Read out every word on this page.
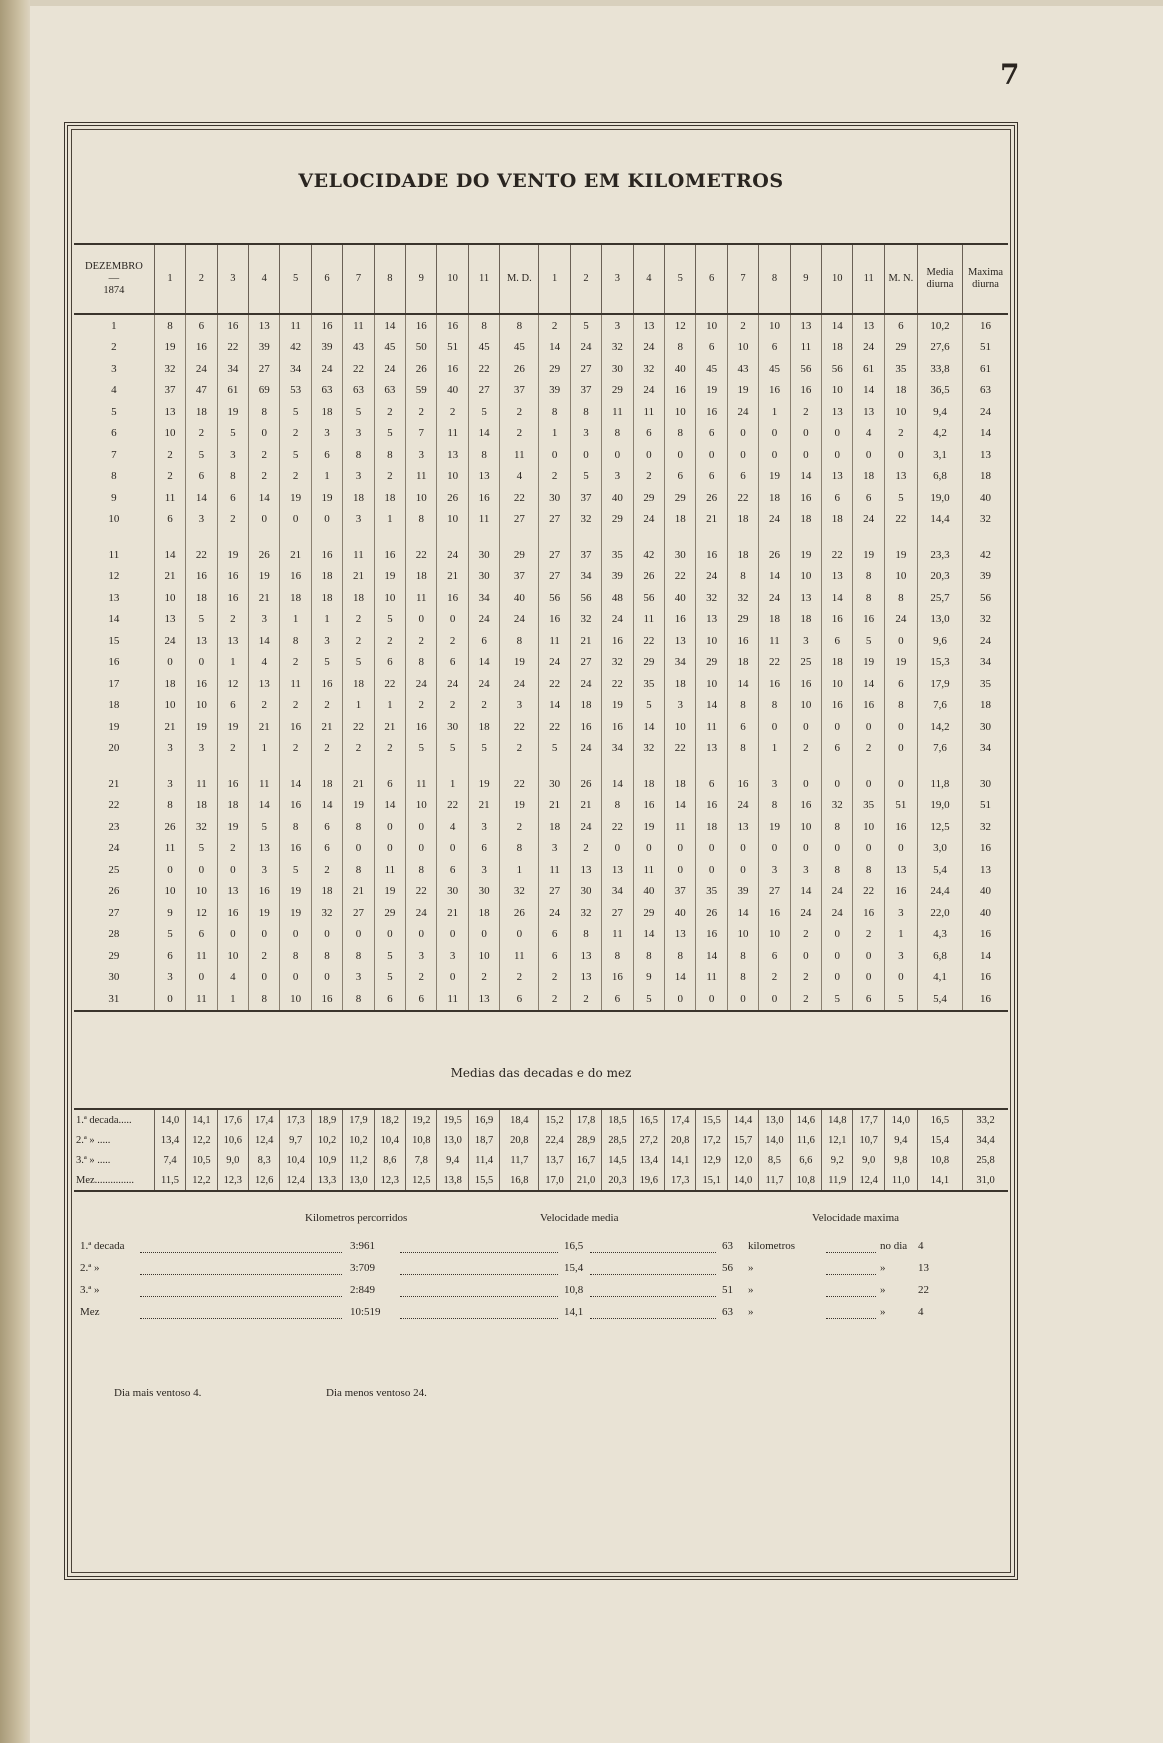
7
VELOCIDADE DO VENTO EM KILOMETROS
DEZEMBRO
—
1874	1	2	3	4	5	6	7	8	9	10	11	M. D.	1	2	3	4	5	6	7	8	9	10	11	M. N.	Media diurna	Maxima diurna
1	8	6	16	13	11	16	11	14	16	16	8	8	2	5	3	13	12	10	2	10	13	14	13	6	10,2	16
2	19	16	22	39	42	39	43	45	50	51	45	45	14	24	32	24	8	6	10	6	11	18	24	29	27,6	51
3	32	24	34	27	34	24	22	24	26	16	22	26	29	27	30	32	40	45	43	45	56	56	61	35	33,8	61
4	37	47	61	69	53	63	63	63	59	40	27	37	39	37	29	24	16	19	19	16	16	10	14	18	36,5	63
5	13	18	19	8	5	18	5	2	2	2	5	2	8	8	11	11	10	16	24	1	2	13	13	10	9,4	24
6	10	2	5	0	2	3	3	5	7	11	14	2	1	3	8	6	8	6	0	0	0	0	4	2	4,2	14
7	2	5	3	2	5	6	8	8	3	13	8	11	0	0	0	0	0	0	0	0	0	0	0	0	3,1	13
8	2	6	8	2	2	1	3	2	11	10	13	4	2	5	3	2	6	6	6	19	14	13	18	13	6,8	18
9	11	14	6	14	19	19	18	18	10	26	16	22	30	37	40	29	29	26	22	18	16	6	6	5	19,0	40
10	6	3	2	0	0	0	3	1	8	10	11	27	27	32	29	24	18	21	18	24	18	18	24	22	14,4	32

11	14	22	19	26	21	16	11	16	22	24	30	29	27	37	35	42	30	16	18	26	19	22	19	19	23,3	42
12	21	16	16	19	16	18	21	19	18	21	30	37	27	34	39	26	22	24	8	14	10	13	8	10	20,3	39
13	10	18	16	21	18	18	18	10	11	16	34	40	56	56	48	56	40	32	32	24	13	14	8	8	25,7	56
14	13	5	2	3	1	1	2	5	0	0	24	24	16	32	24	11	16	13	29	18	18	16	16	24	13,0	32
15	24	13	13	14	8	3	2	2	2	2	6	8	11	21	16	22	13	10	16	11	3	6	5	0	9,6	24
16	0	0	1	4	2	5	5	6	8	6	14	19	24	27	32	29	34	29	18	22	25	18	19	19	15,3	34
17	18	16	12	13	11	16	18	22	24	24	24	24	22	24	22	35	18	10	14	16	16	10	14	6	17,9	35
18	10	10	6	2	2	2	1	1	2	2	2	3	14	18	19	5	3	14	8	8	10	16	16	8	7,6	18
19	21	19	19	21	16	21	22	21	16	30	18	22	22	16	16	14	10	11	6	0	0	0	0	0	14,2	30
20	3	3	2	1	2	2	2	2	5	5	5	2	5	24	34	32	22	13	8	1	2	6	2	0	7,6	34

21	3	11	16	11	14	18	21	6	11	1	19	22	30	26	14	18	18	6	16	3	0	0	0	0	11,8	30
22	8	18	18	14	16	14	19	14	10	22	21	19	21	21	8	16	14	16	24	8	16	32	35	51	19,0	51
23	26	32	19	5	8	6	8	0	0	4	3	2	18	24	22	19	11	18	13	19	10	8	10	16	12,5	32
24	11	5	2	13	16	6	0	0	0	0	6	8	3	2	0	0	0	0	0	0	0	0	0	0	3,0	16
25	0	0	0	3	5	2	8	11	8	6	3	1	11	13	13	11	0	0	0	3	3	8	8	13	5,4	13
26	10	10	13	16	19	18	21	19	22	30	30	32	27	30	34	40	37	35	39	27	14	24	22	16	24,4	40
27	9	12	16	19	19	32	27	29	24	21	18	26	24	32	27	29	40	26	14	16	24	24	16	3	22,0	40
28	5	6	0	0	0	0	0	0	0	0	0	0	6	8	11	14	13	16	10	10	2	0	2	1	4,3	16
29	6	11	10	2	8	8	8	5	3	3	10	11	6	13	8	8	8	14	8	6	0	0	0	3	6,8	14
30	3	0	4	0	0	0	3	5	2	0	2	2	2	13	16	9	14	11	8	2	2	0	0	0	4,1	16
31	0	11	1	8	10	16	8	6	6	11	13	6	2	2	6	5	0	0	0	0	2	5	6	5	5,4	16
Medias das decadas e do mez
1.ª decada.....	14,0	14,1	17,6	17,4	17,3	18,9	17,9	18,2	19,2	19,5	16,9	18,4	15,2	17,8	18,5	16,5	17,4	15,5	14,4	13,0	14,6	14,8	17,7	14,0	16,5	33,2
2.ª » .....	13,4	12,2	10,6	12,4	9,7	10,2	10,2	10,4	10,8	13,0	18,7	20,8	22,4	28,9	28,5	27,2	20,8	17,2	15,7	14,0	11,6	12,1	10,7	9,4	15,4	34,4
3.ª » .....	7,4	10,5	9,0	8,3	10,4	10,9	11,2	8,6	7,8	9,4	11,4	11,7	13,7	16,7	14,5	13,4	14,1	12,9	12,0	8,5	6,6	9,2	9,0	9,8	10,8	25,8
Mez...............	11,5	12,2	12,3	12,6	12,4	13,3	13,0	12,3	12,5	13,8	15,5	16,8	17,0	21,0	20,3	19,6	17,3	15,1	14,0	11,7	10,8	11,9	12,4	11,0	14,1	31,0
Kilometros percorridos	Velocidade media	Velocidade maxima
1.ª decada	3:961	16,5	63 kilometros	no dia 4
2.ª »	3:709	15,4	56 »	»	13
3.ª »	2:849	10,8	51 »	»	22
Mez	10:519	14,1	63 »	»	4
Dia mais ventoso 4.	Dia menos ventoso 24.
